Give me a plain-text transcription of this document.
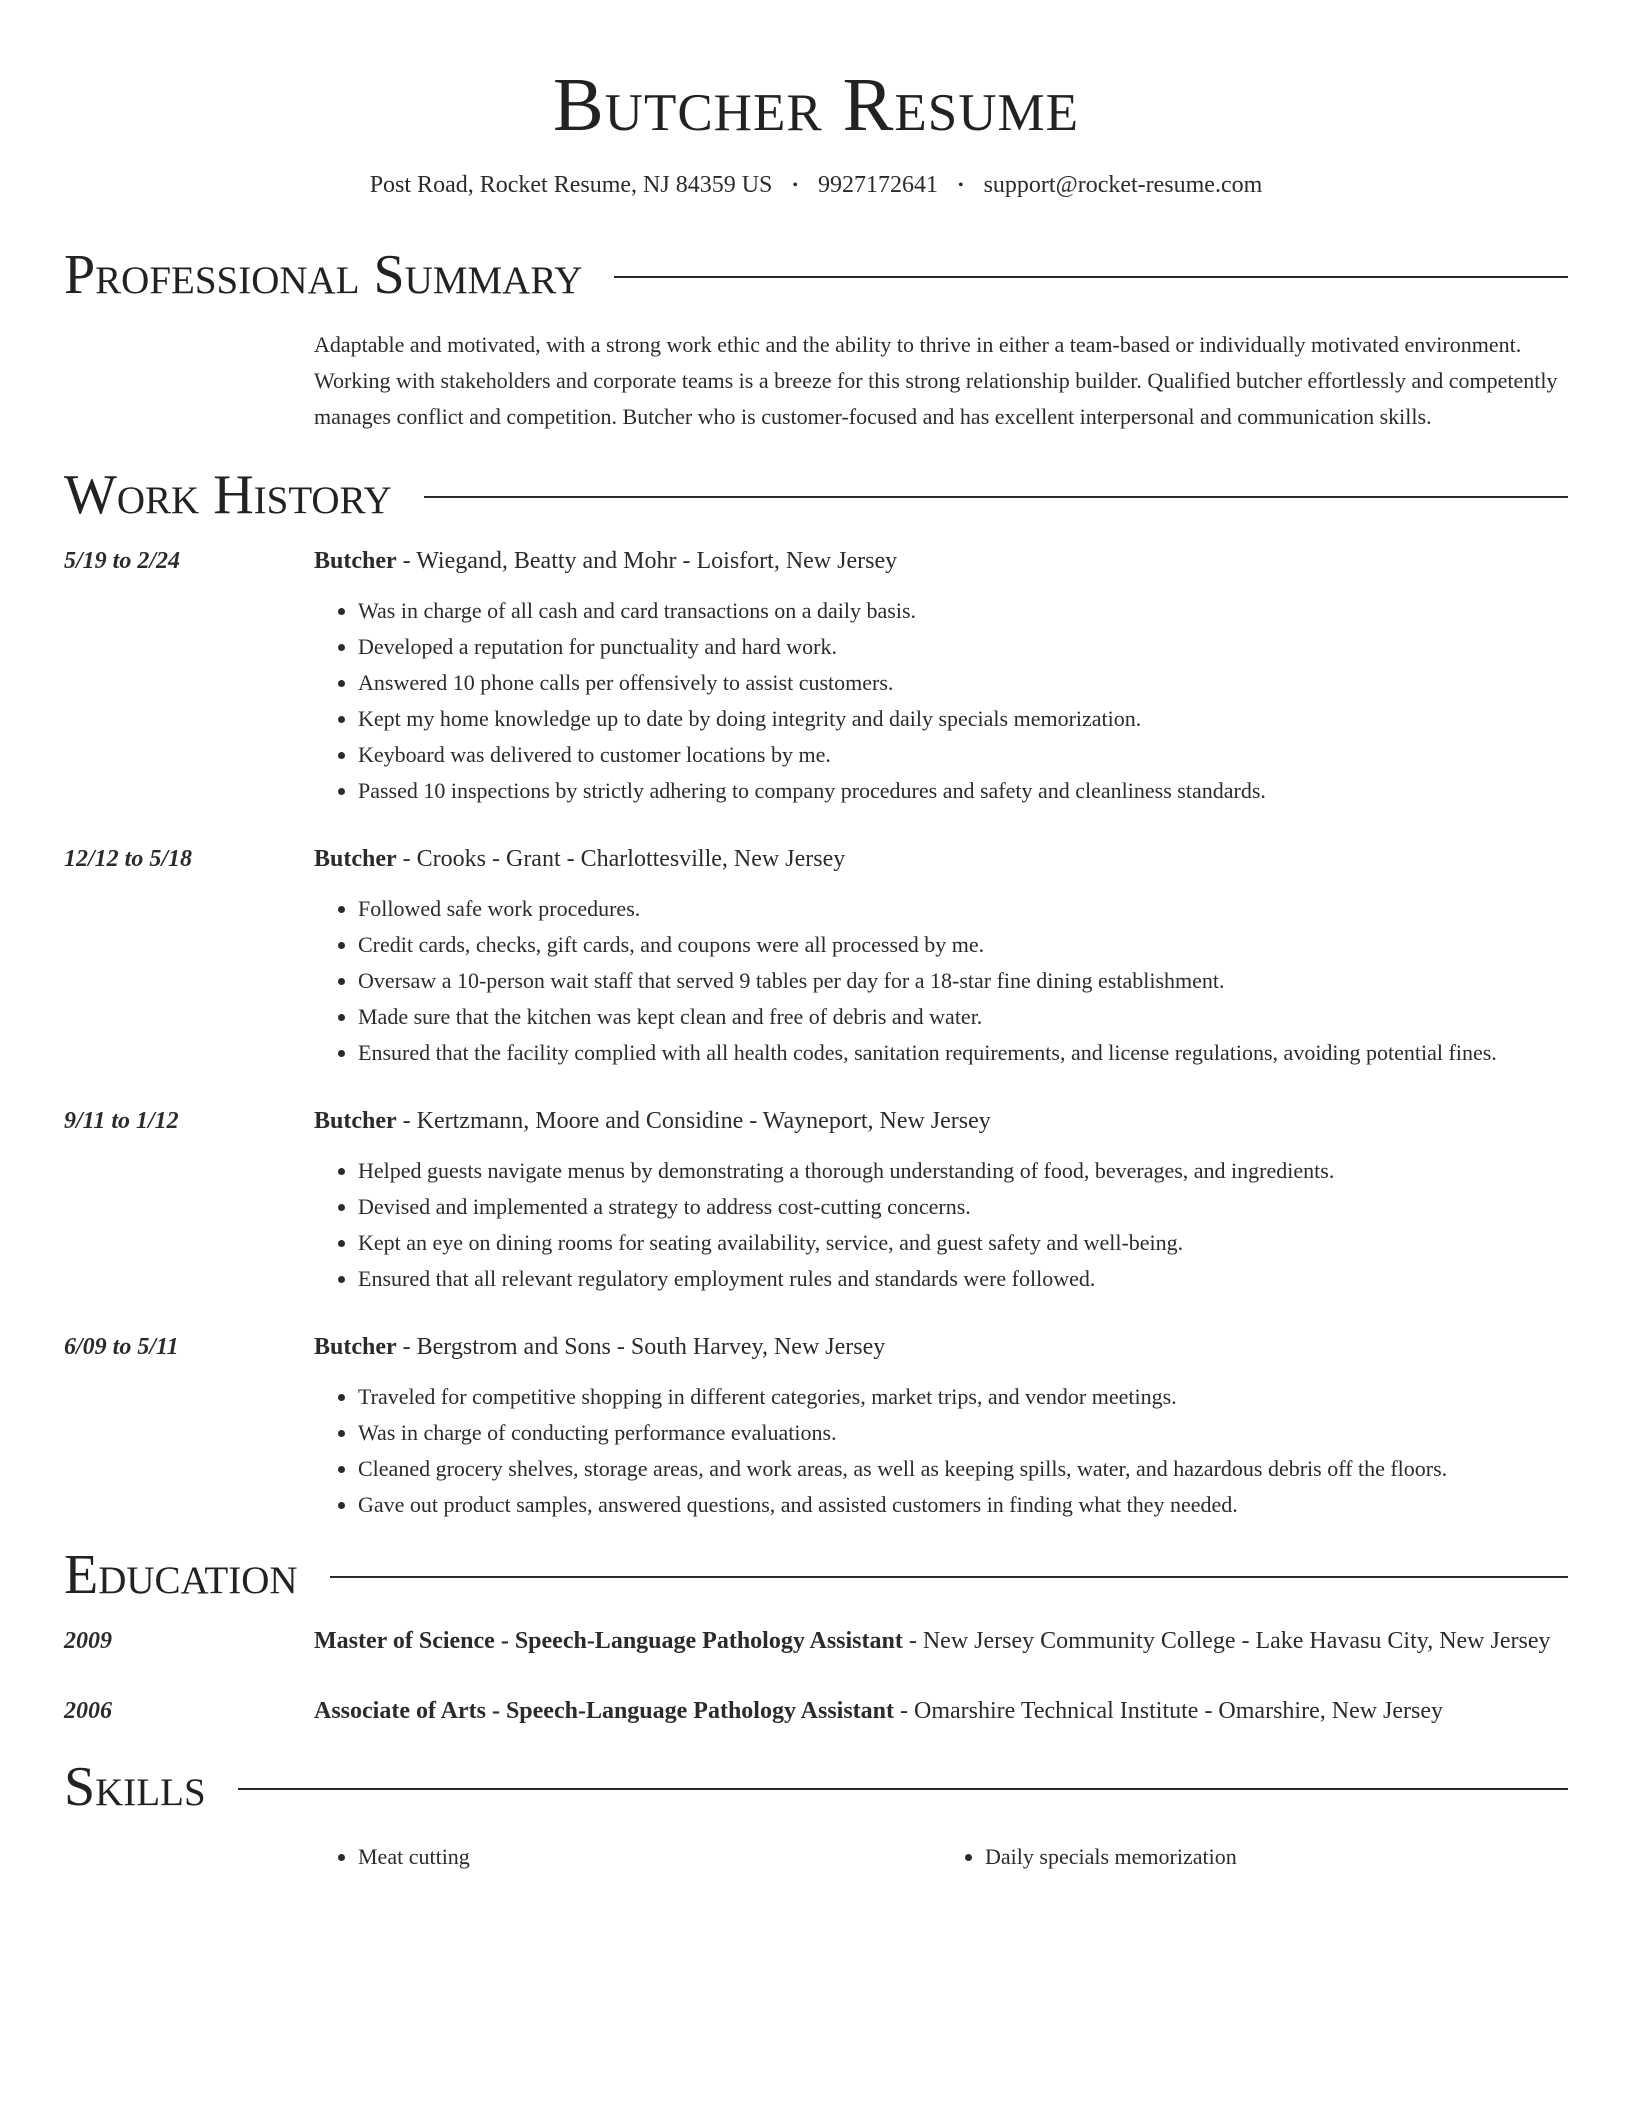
Butcher Resume
Post Road, Rocket Resume, NJ 84359 US • 9927172641 • support@rocket-resume.com
Professional Summary
Adaptable and motivated, with a strong work ethic and the ability to thrive in either a team-based or individually motivated environment. Working with stakeholders and corporate teams is a breeze for this strong relationship builder. Qualified butcher effortlessly and competently manages conflict and competition. Butcher who is customer-focused and has excellent interpersonal and communication skills.
Work History
5/19 to 2/24	Butcher - Wiegand, Beatty and Mohr - Loisfort, New Jersey
• Was in charge of all cash and card transactions on a daily basis.
• Developed a reputation for punctuality and hard work.
• Answered 10 phone calls per offensively to assist customers.
• Kept my home knowledge up to date by doing integrity and daily specials memorization.
• Keyboard was delivered to customer locations by me.
• Passed 10 inspections by strictly adhering to company procedures and safety and cleanliness standards.
12/12 to 5/18	Butcher - Crooks - Grant - Charlottesville, New Jersey
• Followed safe work procedures.
• Credit cards, checks, gift cards, and coupons were all processed by me.
• Oversaw a 10-person wait staff that served 9 tables per day for a 18-star fine dining establishment.
• Made sure that the kitchen was kept clean and free of debris and water.
• Ensured that the facility complied with all health codes, sanitation requirements, and license regulations, avoiding potential fines.
9/11 to 1/12	Butcher - Kertzmann, Moore and Considine - Wayneport, New Jersey
• Helped guests navigate menus by demonstrating a thorough understanding of food, beverages, and ingredients.
• Devised and implemented a strategy to address cost-cutting concerns.
• Kept an eye on dining rooms for seating availability, service, and guest safety and well-being.
• Ensured that all relevant regulatory employment rules and standards were followed.
6/09 to 5/11	Butcher - Bergstrom and Sons - South Harvey, New Jersey
• Traveled for competitive shopping in different categories, market trips, and vendor meetings.
• Was in charge of conducting performance evaluations.
• Cleaned grocery shelves, storage areas, and work areas, as well as keeping spills, water, and hazardous debris off the floors.
• Gave out product samples, answered questions, and assisted customers in finding what they needed.
Education
2009	Master of Science - Speech-Language Pathology Assistant - New Jersey Community College - Lake Havasu City, New Jersey
2006	Associate of Arts - Speech-Language Pathology Assistant - Omarshire Technical Institute - Omarshire, New Jersey
Skills
• Meat cutting
•	Daily specials memorization
